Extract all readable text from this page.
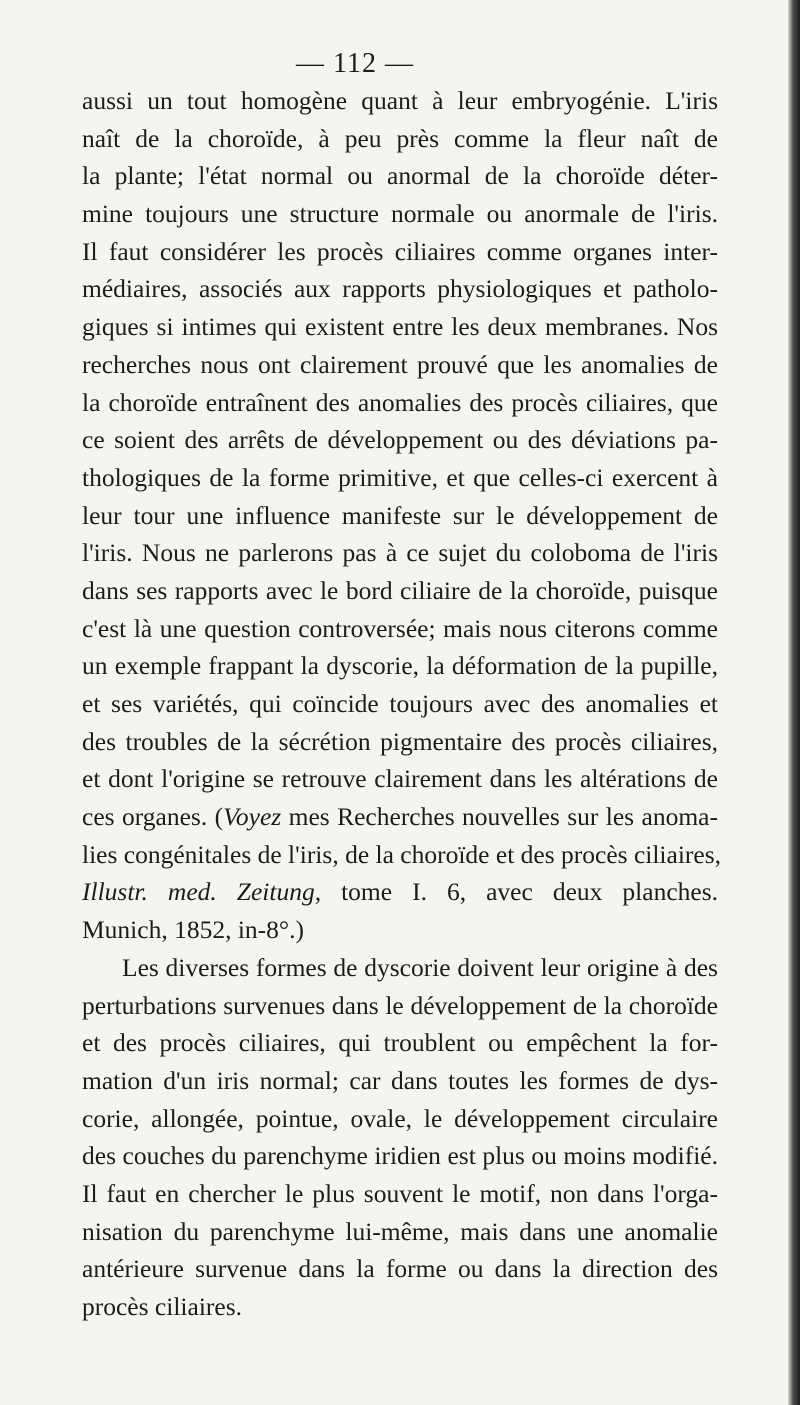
— 112 —
aussi un tout homogène quant à leur embryogénie. L'iris
naît de la choroïde, à peu près comme la fleur naît de
la plante; l'état normal ou anormal de la choroïde déter-
mine toujours une structure normale ou anormale de l'iris.
Il faut considérer les procès ciliaires comme organes inter-
médiaires, associés aux rapports physiologiques et patholo-
giques si intimes qui existent entre les deux membranes. Nos
recherches nous ont clairement prouvé que les anomalies de
la choroïde entraînent des anomalies des procès ciliaires, que
ce soient des arrêts de développement ou des déviations pa-
thologiques de la forme primitive, et que celles-ci exercent à
leur tour une influence manifeste sur le développement de
l'iris. Nous ne parlerons pas à ce sujet du coloboma de l'iris
dans ses rapports avec le bord ciliaire de la choroïde, puisque
c'est là une question controversée; mais nous citerons comme
un exemple frappant la dyscorie, la déformation de la pupille,
et ses variétés, qui coïncide toujours avec des anomalies et
des troubles de la sécrétion pigmentaire des procès ciliaires,
et dont l'origine se retrouve clairement dans les altérations de
ces organes. (Voyez mes Recherches nouvelles sur les anoma-
lies congénitales de l'iris, de la choroïde et des procès ciliaires,
Illustr. med. Zeitung, tome I. 6, avec deux planches.
Munich, 1852, in-8°.)
Les diverses formes de dyscorie doivent leur origine à des
perturbations survenues dans le développement de la choroïde
et des procès ciliaires, qui troublent ou empêchent la for-
mation d'un iris normal; car dans toutes les formes de dys-
corie, allongée, pointue, ovale, le développement circulaire
des couches du parenchyme iridien est plus ou moins modifié.
Il faut en chercher le plus souvent le motif, non dans l'orga-
nisation du parenchyme lui-même, mais dans une anomalie
antérieure survenue dans la forme ou dans la direction des
procès ciliaires.
